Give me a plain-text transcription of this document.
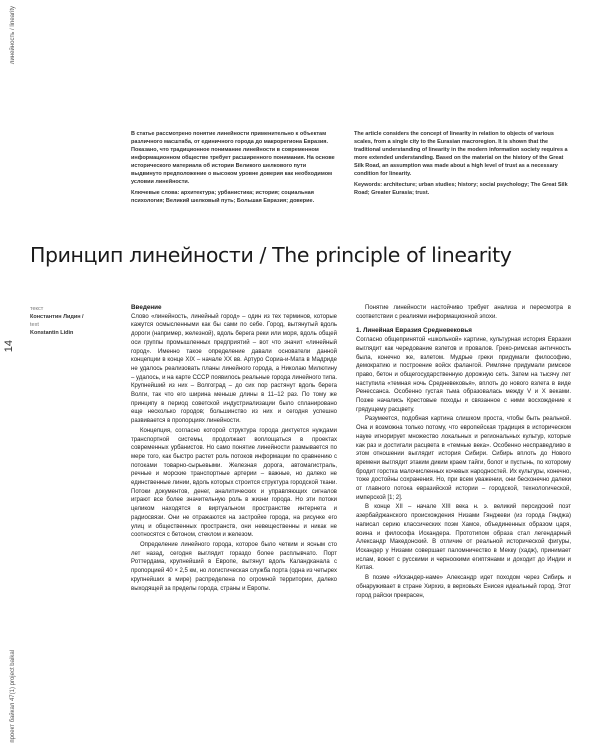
линейность / linearity
14
проект байкал 47(1) project baikal

В статье рассмотрено понятие линейности применительно к объектам различного масштаба, от единичного города до макрорегиона Евразия. Показано, что традиционное понимание линейности в современном информационном обществе требует расширенного понимания. На основе исторического материала об истории Великого шелкового пути выдвинуто предположение о высоком уровне доверия как необходимом условии линейности.

Ключевые слова: архитектура; урбанистика; история; социальная психология; Великий шелковый путь; Большая Евразия; доверие.

The article considers the concept of linearity in relation to objects of various scales, from a single city to the Eurasian macroregion. It is shown that the traditional understanding of linearity in the modern information society requires a more extended understanding. Based on the material on the history of the Great Silk Road, an assumption was made about a high level of trust as a necessary condition for linearity.

Keywords: architecture; urban studies; history; social psychology; The Great Silk Road; Greater Eurasia; trust.

Принцип линейности / The principle of linearity
текст
Константин Лидин /
text
Konstantin Lidin
Введение

Слово «линейность, линейный город» – один из тех терминов, которые кажутся осмысленными как бы сами по себе. Город, вытянутый вдоль дороги (например, железной), вдоль берега реки или моря, вдоль общей оси группы промышленных предприятий – вот что значит «линейный город». Именно такое определение давали основатели данной концепции в конце XIX – начале XX вв. Артуро Сориа-и-Мата в Мадриде не удалось реализовать планы линейного города, а Николаю Милютину – удалось, и на карте СССР появилось реальные города линейного типа. Крупнейший из них – Волгоград – до сих пор растянут вдоль берега Волги, так что его ширина меньше длины в 11–12 раз. По тому же принципу в период советской индустриализации было спланировано еще несколько городов; большинство из них и сегодня успешно развивается в пропорциях линейности.

Концепция, согласно которой структура города диктуется нуждами транспортной системы, продолжает воплощаться в проектах современных урбанистов. Но само понятие линейности размывается по мере того, как быстро растет роль потоков информации по сравнению с потоками товарно-сырьевыми. Железная дорога, автомагистраль, речные и морские транспортные артерии – важные, но далеко не единственные линии, вдоль которых строится структура городской ткани. Потоки документов, денег, аналитических и управляющих сигналов играют все более значительную роль в жизни города. Но эти потоки целиком находятся в виртуальном пространстве интернета и радиосвязи. Они не отражаются на застройке города, на рисунке его улиц и общественных пространств, они невещественны и никак не соотносятся с бетоном, стеклом и железом.

Определение линейного города, которое было четким и ясным сто лет назад, сегодня выглядит гораздо более расплывчато. Порт Роттердама, крупнейший в Европе, вытянут вдоль Каландканала с пропорцией 40 × 2,5 км, но логистическая служба порта (одна из четырех крупнейших в мире) распределена по огромной территории, далеко выходящей за пределы города, страны и Европы.

Понятие линейности настойчиво требует анализа и пересмотра в соответствии с реалиями информационной эпохи.

1. Линейная Евразия Средневековья

Согласно общепринятой «школьной» картине, культурная история Евразии выглядит как чередование взлетов и провалов. Греко-римская античность была, конечно же, взлетом. Мудрые греки придумали философию, демократию и построение войск фалангой. Римляне придумали римское право, бетон и общегосударственную дорожную сеть. Затем на тысячу лет наступила «темная ночь Средневековья», вплоть до нового взлета в виде Ренессанса. Особенно густая тьма образовалась между V и X веками. Позже начались Крестовые походы и связанное с ними восхождение к грядущему расцвету.

Разумеется, подобная картина слишком проста, чтобы быть реальной. Она и возможна только потому, что европейская традиция в историческом науке игнорирует множество локальных и региональных культур, которые как раз и достигали расцвета в «темные века». Особенно несправедливо в этом отношении выглядит история Сибири. Сибирь вплоть до Нового времени выглядит этаким диким краем тайги, болот и пустынь, по которому бродит горстка малочисленных кочевых народностей. Их культуры, конечно, тоже достойны сохранения. Но, при всем уважении, они бесконечно далеки от главного потока евразийской истории – городской, технологической, имперской [1; 2].

В конце XII – начале XIII века н. э. великий персидский поэт азербайджанского происхождения Низами Гянджеви (из города Гянджа) написал серию классических поэм Хамсе, объединенных образом царя, воина и философа Искандера. Прототипом образа стал легендарный Александр Македонский. В отличие от реальной исторической фигуры, Искандер у Низами совершает паломничество в Мекку (хадж), принимает ислам, воюет с русскими и черноокими египтянами и доходит до Индии и Китая.

В поэме «Искандер-наме» Александр идет походом через Сибирь и обнаруживает в стране Хирхиз, в верховьях Енисея идеальный город. Этот город райски прекрасен,
